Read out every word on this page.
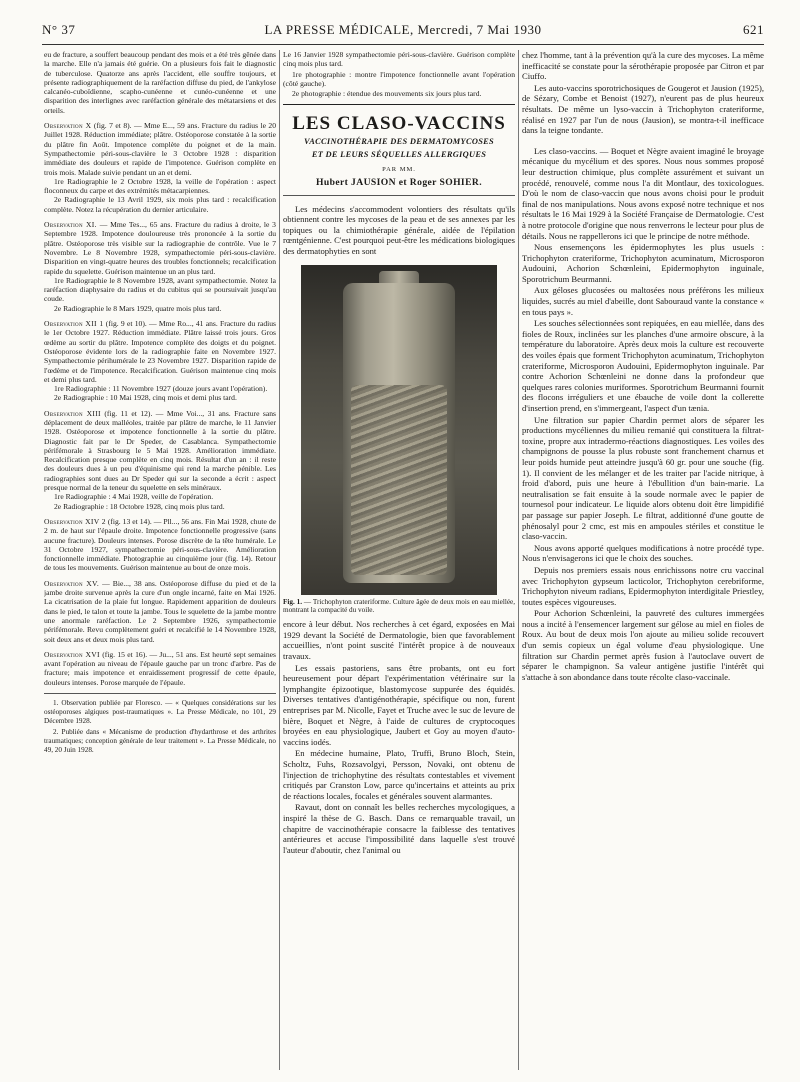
N° 37	LA PRESSE MÉDICALE, Mercredi, 7 Mai 1930	621

eu de fracture, a souffert beaucoup pendant des mois et a été très gênée dans la marche. Elle n'a jamais été guérie. On a plusieurs fois fait le diagnostic de tuberculose. Quatorze ans après l'accident, elle souffre toujours, et présente radiographiquement de la raréfaction diffuse du pied, de l'ankylose calcanéo-cuboïdienne, scapho-cunéenne et cunéo-cunéenne et une disparition des interlignes avec raréfaction générale des métatarsiens et des orteils.

Observation X (fig. 7 et 8). — Mme E..., 59 ans. Fracture du radius le 20 Juillet 1928. Réduction immédiate; plâtre. Ostéoporose constatée à la sortie du plâtre fin Août. Impotence complète du poignet et de la main. Sympathectomie péri-sous-clavière le 3 Octobre 1928 : disparition immédiate des douleurs et rapide de l'impotence. Guérison complète en trois mois. Malade suivie pendant un an et demi.

1re Radiographie le 2 Octobre 1928, la veille de l'opération : aspect floconneux du carpe et des extrémités métacarpiennes.

2e Radiographie le 13 Avril 1929, six mois plus tard : recalcification complète. Notez la récupération du dernier articulaire.

Observation XI. — Mme Tes..., 65 ans. Fracture du radius à droite, le 3 Septembre 1928. Impotence douloureuse très prononcée à la sortie du plâtre. Ostéoporose très visible sur la radiographie de contrôle. Vue le 7 Novembre. Le 8 Novembre 1928, sympathectomie péri-sous-clavière. Disparition en vingt-quatre heures des troubles fonctionnels; recalcification rapide du squelette. Guérison maintenue un an plus tard.

1re Radiographie le 8 Novembre 1928, avant sympathectomie. Notez la raréfaction diaphysaire du radius et du cubitus qui se poursuivait jusqu'au coude.

2e Radiographie le 8 Mars 1929, quatre mois plus tard.

Observation XII 1 (fig. 9 et 10). — Mme Ro..., 41 ans. Fracture du radius le 1er Octobre 1927. Réduction immédiate. Plâtre laissé trois jours. Gros œdème au sortir du plâtre. Impotence complète des doigts et du poignet. Ostéoporose évidente lors de la radiographie faite en Novembre 1927. Sympathectomie périhumérale le 23 Novembre 1927. Disparition rapide de l'œdème et de l'impotence. Recalcification. Guérison maintenue cinq mois et demi plus tard.

1re Radiographie : 11 Novembre 1927 (douze jours avant l'opération).

2e Radiographie : 10 Mai 1928, cinq mois et demi plus tard.

Observation XIII (fig. 11 et 12). — Mme Voi..., 31 ans. Fracture sans déplacement de deux malléoles, traitée par plâtre de marche, le 11 Janvier 1928. Ostéoporose et impotence fonctionnelle à la sortie du plâtre. Diagnostic fait par le Dr Speder, de Casablanca. Sympathectomie périfémorale à Strasbourg le 5 Mai 1928. Amélioration immédiate. Recalcification presque complète en cinq mois. Résultat d'un an : il reste des douleurs dues à un peu d'équinisme qui rend la marche pénible. Les radiographies sont dues au Dr Speder qui sur la seconde a écrit : aspect presque normal de la teneur du squelette en sels minéraux.

1re Radiographie : 4 Mai 1928, veille de l'opération.

2e Radiographie : 18 Octobre 1928, cinq mois plus tard.

Observation XIV 2 (fig. 13 et 14). — Pll..., 56 ans. Fin Mai 1928, chute de 2 m. de haut sur l'épaule droite. Impotence fonctionnelle progressive (sans aucune fracture). Douleurs intenses. Porose discrète de la tête humérale. Le 31 Octobre 1927, sympathectomie péri-sous-clavière. Amélioration fonctionnelle immédiate. Photographie au cinquième jour (fig. 14). Retour de tous les mouvements. Guérison maintenue au bout de onze mois.

Observation XV. — Bie..., 38 ans. Ostéoporose diffuse du pied et de la jambe droite survenue après la cure d'un ongle incarné, faite en Mai 1926. La cicatrisation de la plaie fut longue. Rapidement apparition de douleurs dans le pied, le talon et toute la jambe. Tous le squelette de la jambe montre une anormale raréfaction. Le 2 Septembre 1926, sympathectomie périfémorale. Revu complètement guéri et recalcifié le 14 Novembre 1928, soit deux ans et deux mois plus tard.

Observation XVI (fig. 15 et 16). — Ju..., 51 ans. Est heurté sept semaines avant l'opération au niveau de l'épaule gauche par un tronc d'arbre. Pas de fracture; mais impotence et enraidissement progressif de cette épaule, douleurs intenses. Porose marquée de l'épaule.

1. Observation publiée par Floresco. — « Quelques considérations sur les ostéoporoses algiques post-traumatiques ». La Presse Médicale, no 101, 29 Décembre 1928.

2. Publiée dans « Mécanisme de production d'hydarthrose et des arthrites traumatiques; conception générale de leur traitement ». La Presse Médicale, no 49, 20 Juin 1928.

Le 16 Janvier 1928 sympathectomie péri-sous-clavière. Guérison complète cinq mois plus tard.

1re photographie : montre l'impotence fonctionnelle avant l'opération (côté gauche).

2e photographie : étendue des mouvements six jours plus tard.

LES CLASO-VACCINS
VACCINOTHÉRAPIE DES DERMATOMYCOSES
ET DE LEURS SÉQUELLES ALLERGIQUES
PAR MM.
Hubert JAUSION et Roger SOHIER.

Les médecins s'accommodent volontiers des résultats qu'ils obtiennent contre les mycoses de la peau et de ses annexes par les topiques ou la chimiothérapie générale, aidée de l'épilation rœntgénienne. C'est pourquoi peut-être les médications biologiques des dermatophyties en sont

Fig. 1. — Trichophyton crateriforme. Culture âgée de deux mois en eau miellée, montrant la compacité du voile.

encore à leur début. Nos recherches à cet égard, exposées en Mai 1929 devant la Société de Dermatologie, bien que favorablement accueillies, n'ont point suscité l'intérêt propice à de nouveaux travaux.

Les essais pastoriens, sans être probants, ont eu fort heureusement pour départ l'expérimentation vétérinaire sur la lymphangite épizootique, blastomycose suppurée des équidés. Diverses tentatives d'antigénothérapie, spécifique ou non, furent entreprises par M. Nicolle, Fayet et Truche avec le suc de levure de bière, Boquet et Nègre, à l'aide de cultures de cryptocoques broyées en eau physiologique, Jaubert et Goy au moyen d'auto-vaccins iodés.

En médecine humaine, Plato, Truffi, Bruno Bloch, Stein, Scholtz, Fuhs, Rozsavolgyi, Persson, Novaki, ont obtenu de l'injection de trichophytine des résultats contestables et vivement critiqués par Cranston Low, parce qu'incertains et atteints au prix de réactions locales, focales et générales souvent alarmantes.

Ravaut, dont on connaît les belles recherches mycologiques, a inspiré la thèse de G. Basch. Dans ce remarquable travail, un chapitre de vaccinothérapie consacre la faiblesse des tentatives antérieures et accuse l'impossibilité dans laquelle s'est trouvé l'auteur d'aboutir, chez l'animal ou

chez l'homme, tant à la prévention qu'à la cure des mycoses. La même inefficacité se constate pour la sérothérapie proposée par Citron et par Ciuffo.

Les auto-vaccins sporotrichosiques de Gougerot et Jausion (1925), de Sézary, Combe et Benoist (1927), n'eurent pas de plus heureux résultats. De même un lyso-vaccin à Trichophyton crateriforme, réalisé en 1927 par l'un de nous (Jausion), se montra-t-il inefficace dans la teigne tondante.

Les claso-vaccins. — Boquet et Nègre avaient imaginé le broyage mécanique du mycélium et des spores. Nous nous sommes proposé leur destruction chimique, plus complète assurément et suivant un procédé, renouvelé, comme nous l'a dit Montlaur, des toxicologues. D'où le nom de claso-vaccin que nous avons choisi pour le produit final de nos manipulations. Nous avons exposé notre technique et nos résultats le 16 Mai 1929 à la Société Française de Dermatologie. C'est à notre protocole d'origine que nous renverrons le lecteur pour plus de détails. Nous ne rappellerons ici que le principe de notre méthode.

Nous ensemençons les épidermophytes les plus usuels : Trichophyton crateriforme, Trichophyton acuminatum, Microsporon Audouini, Achorion Schœnleini, Epidermophyton inguinale, Sporotrichum Beurmanni.

Aux géloses glucosées ou maltosées nous préférons les milieux liquides, sucrés au miel d'abeille, dont Sabouraud vante la constance « en tous pays ».

Les souches sélectionnées sont repiquées, en eau miellée, dans des fioles de Roux, inclinées sur les planches d'une armoire obscure, à la température du laboratoire. Après deux mois la culture est recouverte des voiles épais que forment Trichophyton acuminatum, Trichophyton crateriforme, Microsporon Audouini, Epidermophyton inguinale. Par contre Achorion Schœnleini ne donne dans la profondeur que quelques rares colonies muriformes. Sporotrichum Beurmanni fournit des flocons irréguliers et une ébauche de voile dont la collerette d'insertion prend, en s'immergeant, l'aspect d'un tænia.

Une filtration sur papier Chardin permet alors de séparer les productions mycéliennes du milieu remanié qui constituera la filtrat-toxine, propre aux intradermo-réactions diagnostiques. Les voiles des champignons de pousse la plus robuste sont franchement charnus et leur poids humide peut atteindre jusqu'à 60 gr. pour une souche (fig. 1). Il convient de les mélanger et de les traiter par l'acide nitrique, à froid d'abord, puis une heure à l'ébullition d'un bain-marie. La neutralisation se fait ensuite à la soude normale avec le papier de tournesol pour indicateur. Le liquide alors obtenu doit être limpidifié par passage sur papier Joseph. Le filtrat, additionné d'une goutte de phénosalyl pour 2 cmc, est mis en ampoules stériles et constitue le claso-vaccin.

Nous avons apporté quelques modifications à notre procédé type. Nous n'envisagerons ici que le choix des souches.

Depuis nos premiers essais nous enrichissons notre cru vaccinal avec Trichophyton gypseum lacticolor, Trichophyton cerebriforme, Trichophyton niveum radians, Epidermophyton interdigitale Priestley, toutes espèces vigoureuses.

Pour Achorion Schœnleini, la pauvreté des cultures immergées nous a incité à l'ensemencer largement sur gélose au miel en fioles de Roux. Au bout de deux mois l'on ajoute au milieu solide recouvert d'un semis copieux un égal volume d'eau physiologique. Une filtration sur Chardin permet après fusion à l'autoclave ouvert de séparer le champignon. Sa valeur antigène justifie l'intérêt qui s'attache à son abondance dans toute récolte claso-vaccinale.
